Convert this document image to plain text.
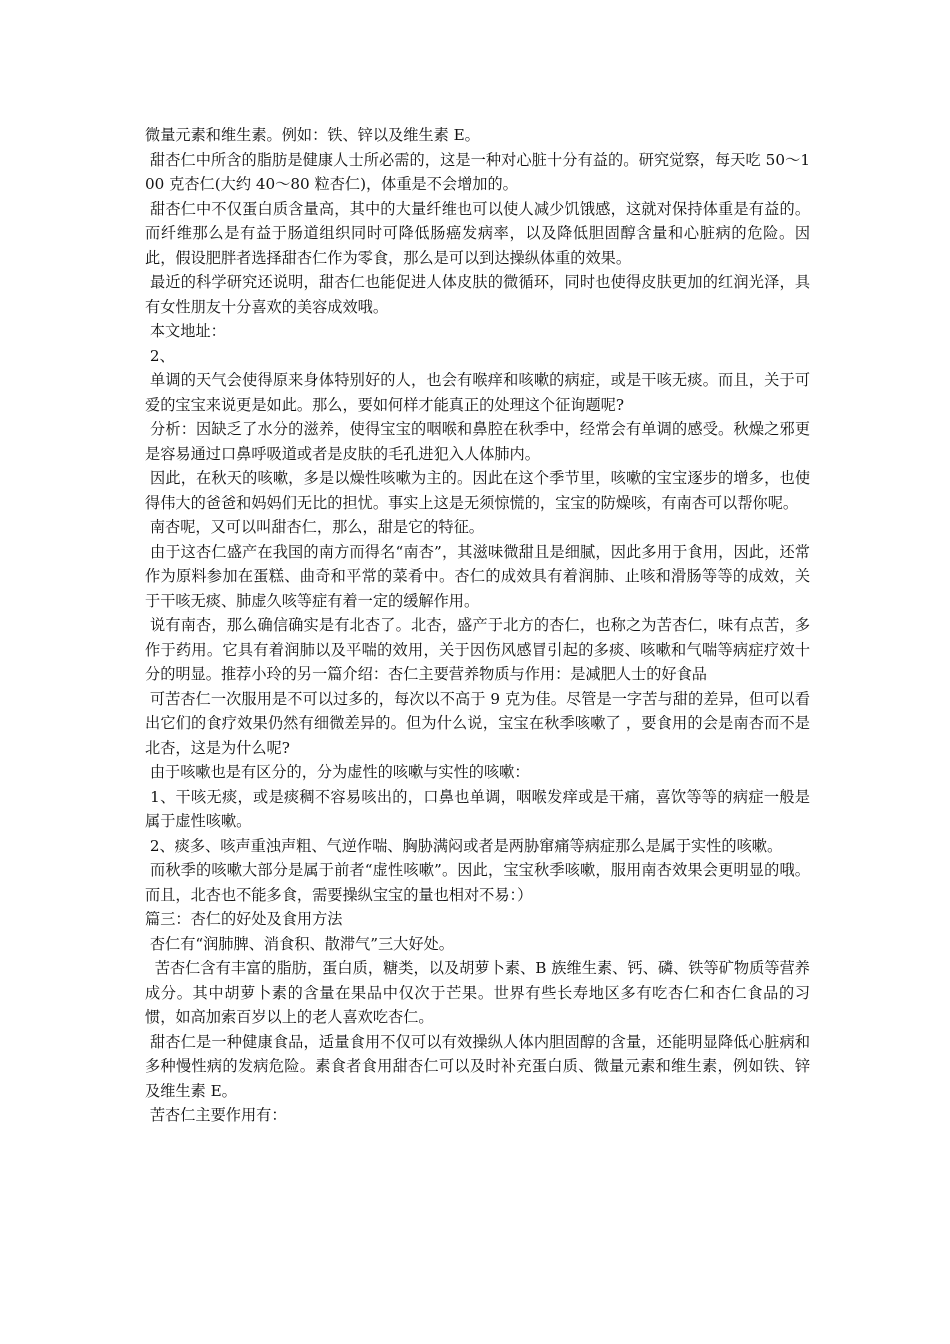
微量元素和维生素。例如：铁、锌以及维生素 E。

甜杏仁中所含的脂肪是健康人士所必需的，这是一种对心脏十分有益的。研究觉察，每天吃 50～100 克杏仁(大约 40～80 粒杏仁)，体重是不会增加的。

甜杏仁中不仅蛋白质含量高，其中的大量纤维也可以使人减少饥饿感，这就对保持体重是有益的。而纤维那么是有益于肠道组织同时可降低肠癌发病率，以及降低胆固醇含量和心脏病的危险。因此，假设肥胖者选择甜杏仁作为零食，那么是可以到达操纵体重的效果。

最近的科学研究还说明，甜杏仁也能促进人体皮肤的微循环，同时也使得皮肤更加的红润光泽，具有女性朋友十分喜欢的美容成效哦。

本文地址：

2、

单调的天气会使得原来身体特别好的人，也会有喉痒和咳嗽的病症，或是干咳无痰。而且，关于可爱的宝宝来说更是如此。那么，要如何样才能真正的处理这个征询题呢?

分析：因缺乏了水分的滋养，使得宝宝的咽喉和鼻腔在秋季中，经常会有单调的感受。秋燥之邪更是容易通过口鼻呼吸道或者是皮肤的毛孔进犯入人体肺内。

因此，在秋天的咳嗽，多是以燥性咳嗽为主的。因此在这个季节里，咳嗽的宝宝逐步的增多，也使得伟大的爸爸和妈妈们无比的担忧。事实上这是无须惊慌的，宝宝的防燥咳，有南杏可以帮你呢。

南杏呢，又可以叫甜杏仁，那么，甜是它的特征。

由于这杏仁盛产在我国的南方而得名“南杏”，其滋味微甜且是细腻，因此多用于食用，因此，还常作为原料参加在蛋糕、曲奇和平常的菜肴中。杏仁的成效具有着润肺、止咳和滑肠等等的成效，关于干咳无痰、肺虚久咳等症有着一定的缓解作用。

说有南杏，那么确信确实是有北杏了。北杏，盛产于北方的杏仁，也称之为苦杏仁，味有点苦，多作于药用。它具有着润肺以及平喘的效用，关于因伤风感冒引起的多痰、咳嗽和气喘等病症疗效十分的明显。推荐小玲的另一篇介绍：杏仁主要营养物质与作用：是减肥人士的好食品

可苦杏仁一次服用是不可以过多的，每次以不高于 9 克为佳。尽管是一字苦与甜的差异，但可以看出它们的食疗效果仍然有细微差异的。但为什么说，宝宝在秋季咳嗽了 ，要食用的会是南杏而不是北杏，这是为什么呢?

由于咳嗽也是有区分的，分为虚性的咳嗽与实性的咳嗽：

1、干咳无痰，或是痰稠不容易咳出的，口鼻也单调，咽喉发痒或是干痛，喜饮等等的病症一般是属于虚性咳嗽。

2、痰多、咳声重浊声粗、气逆作喘、胸胁满闷或者是两胁窜痛等病症那么是属于实性的咳嗽。

而秋季的咳嗽大部分是属于前者“虚性咳嗽”。因此，宝宝秋季咳嗽，服用南杏效果会更明显的哦。而且，北杏也不能多食，需要操纵宝宝的量也相对不易：）

篇三：杏仁的好处及食用方法

杏仁有“润肺脾、消食积、散滞气”三大好处。

苦杏仁含有丰富的脂肪，蛋白质，糖类，以及胡萝卜素、B 族维生素、钙、磷、铁等矿物质等营养成分。其中胡萝卜素的含量在果品中仅次于芒果。世界有些长寿地区多有吃杏仁和杏仁食品的习惯，如高加索百岁以上的老人喜欢吃杏仁。

甜杏仁是一种健康食品，适量食用不仅可以有效操纵人体内胆固醇的含量，还能明显降低心脏病和多种慢性病的发病危险。素食者食用甜杏仁可以及时补充蛋白质、微量元素和维生素，例如铁、锌及维生素 E。

苦杏仁主要作用有：
